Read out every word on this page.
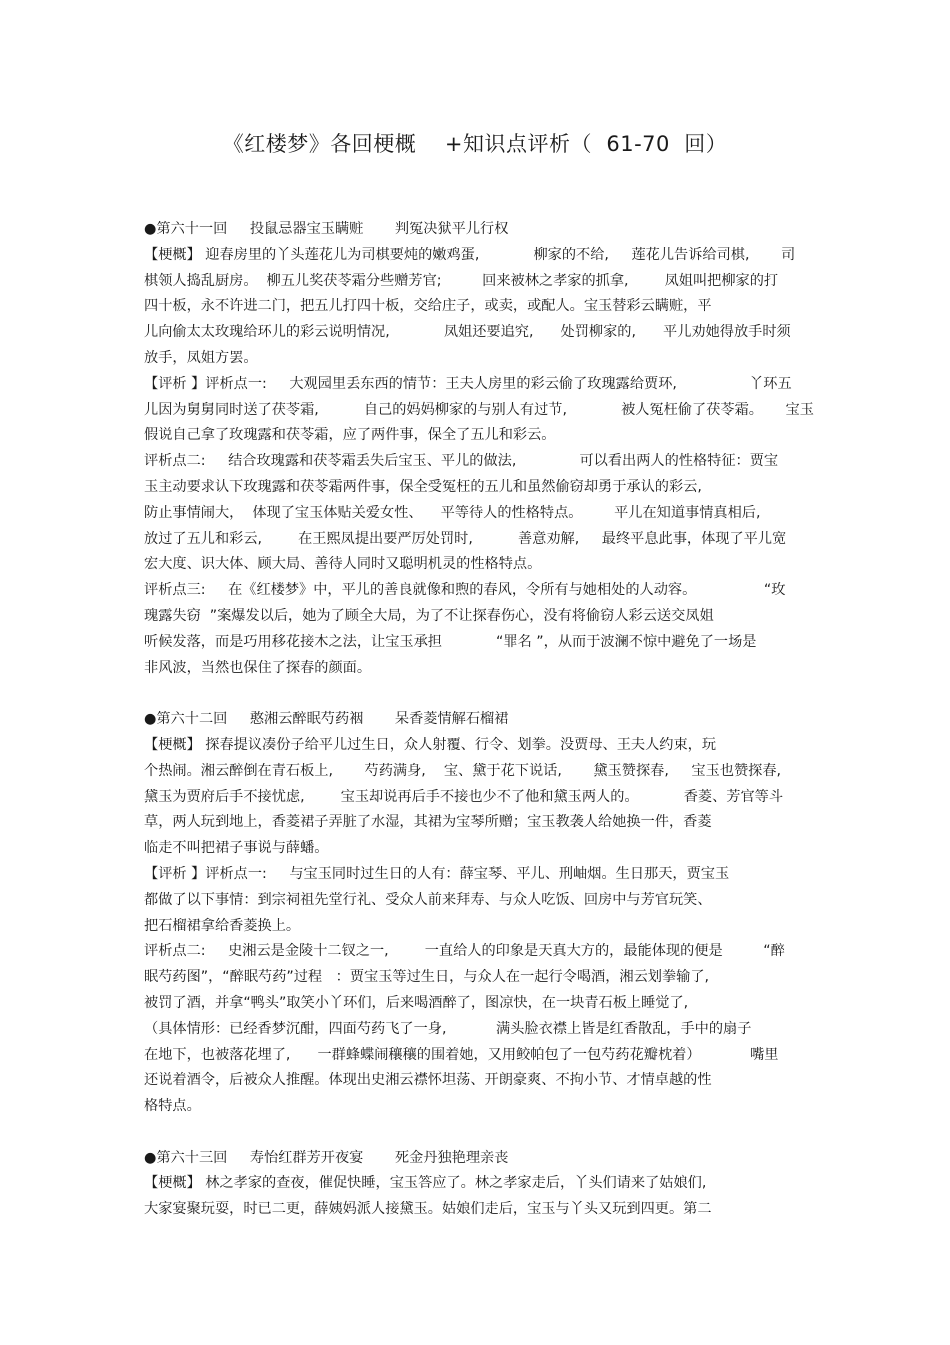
《红楼梦》各回梗概    +知识点评析（  61-70  回）
●第六十一回     投鼠忌器宝玉瞒赃       判冤决狱平儿行权
【梗概】 迎春房里的丫头莲花儿为司棋要炖的嫩鸡蛋,            柳家的不给,     莲花儿告诉给司棋,       司
棋领人捣乱厨房。  柳五儿奖茯苓霜分些赠芳官;         回来被林之孝家的抓拿,        凤姐叫把柳家的打
四十板，永不许进二门，把五儿打四十板，交给庄子，或卖，或配人。宝玉替彩云瞒赃，平
儿向偷太太玫瑰给环儿的彩云说明情况,            凤姐还要追究,      处罚柳家的,      平儿劝她得放手时须
放手，凤姐方罢。
【评析 】评析点一:     大观园里丢东西的情节：王夫人房里的彩云偷了玫瑰露给贾环,                丫环五
儿因为舅舅同时送了茯苓霜,          自己的妈妈柳家的与别人有过节,            被人冤枉偷了茯苓霜。     宝玉
假说自己拿了玫瑰露和茯苓霜，应了两件事，保全了五儿和彩云。
评析点二:     结合玫瑰露和茯苓霜丢失后宝玉、平儿的做法,              可以看出两人的性格特征：贾宝
玉主动要求认下玫瑰露和茯苓霜两件事，保全受冤枉的五儿和虽然偷窃却勇于承认的彩云,
防止事情闹大，  体现了宝玉体贴关爱女性、    平等待人的性格特点。       平儿在知道事情真相后,
放过了五儿和彩云,        在王熙凤提出要严厉处罚时,          善意劝解,     最终平息此事，体现了平儿宽
宏大度、识大体、顾大局、善待人同时又聪明机灵的性格特点。
评析点三:     在《红楼梦》中，平儿的善良就像和煦的春风，令所有与她相处的人动容。               “玫
瑰露失窃  ”案爆发以后，她为了顾全大局，为了不让探春伤心，没有将偷窃人彩云送交凤姐
听候发落，而是巧用移花接木之法，让宝玉承担            “罪名 ”，从而于波澜不惊中避免了一场是
非风波，当然也保住了探春的颜面。
●第六十二回     憨湘云醉眠芍药裀       呆香菱情解石榴裙
【梗概】 探春提议凑份子给平儿过生日，众人射覆、行令、划拳。没贾母、王夫人约束，玩
个热闹。湘云醉倒在青石板上,       芍药满身,    宝、黛于花下说话,       黛玉赞探春,     宝玉也赞探春,
黛玉为贾府后手不接忧虑,        宝玉却说再后手不接也少不了他和黛玉两人的。          香菱、芳官等斗
草，两人玩到地上，香菱裙子弄脏了水湿，其裙为宝琴所赠；宝玉教袭人给她换一件，香菱
临走不叫把裙子事说与薛蟠。
【评析 】评析点一:     与宝玉同时过生日的人有：薛宝琴、平儿、刑岫烟。生日那天，贾宝玉
都做了以下事情：到宗祠祖先堂行礼、受众人前来拜寿、与众人吃饭、回房中与芳官玩笑、
把石榴裙拿给香菱换上。
评析点二:     史湘云是金陵十二钗之一,        一直给人的印象是天真大方的，最能体现的便是         “醉
眠芍药图”，“醉眠芍药”过程   ：贾宝玉等过生日，与众人在一起行令喝酒，湘云划拳输了,
被罚了酒，并拿“鸭头”取笑小丫环们，后来喝酒醉了，图凉快，在一块青石板上睡觉了,
（具体情形：已经香梦沉酣，四面芍药飞了一身,           满头脸衣襟上皆是红香散乱，手中的扇子
在地下，也被落花埋了,      一群蜂蝶闹穰穰的围着她，又用鲛帕包了一包芍药花瓣枕着）           嘴里
还说着酒令，后被众人推醒。体现出史湘云襟怀坦荡、开朗豪爽、不拘小节、才情卓越的性
格特点。
●第六十三回     寿怡红群芳开夜宴       死金丹独艳理亲丧
【梗概】 林之孝家的查夜，催促快睡，宝玉答应了。林之孝家走后，丫头们请来了姑娘们,
大家宴聚玩耍，时已二更，薛姨妈派人接黛玉。姑娘们走后，宝玉与丫头又玩到四更。第二
